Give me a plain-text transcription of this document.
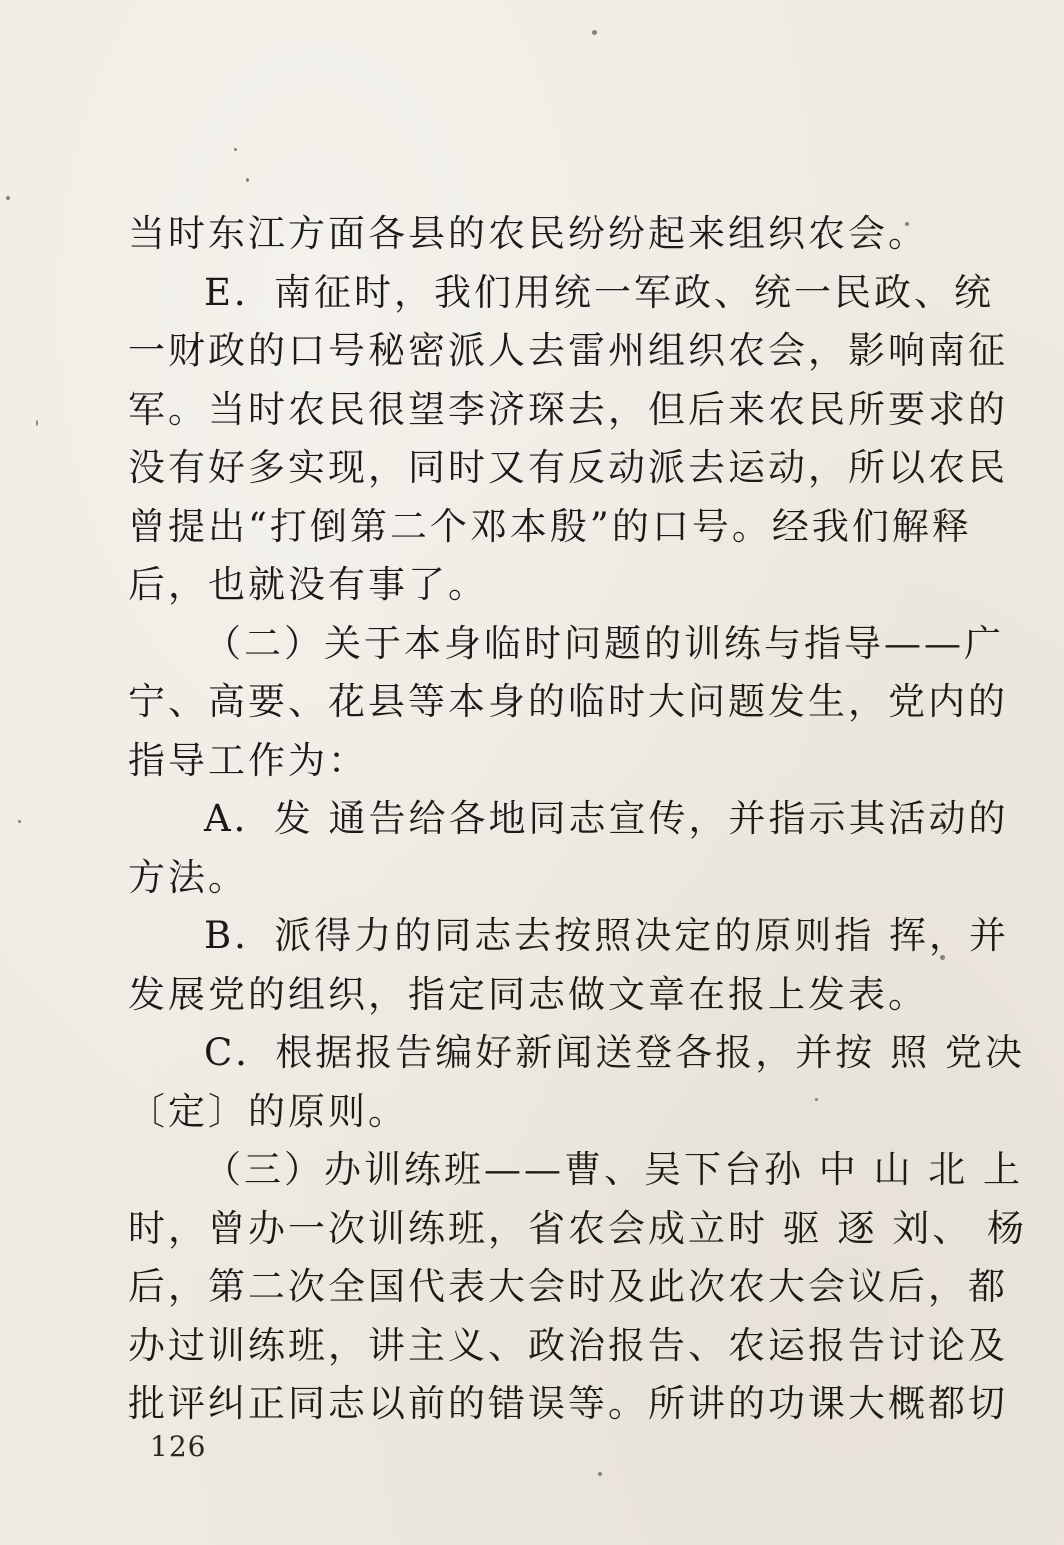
当时东江方面各县的农民纷纷起来组织农会。
E．南征时，我们用统一军政、统一民政、统
一财政的口号秘密派人去雷州组织农会，影响南征
军。当时农民很望李济琛去，但后来农民所要求的
没有好多实现，同时又有反动派去运动，所以农民
曾提出“打倒第二个邓本殷”的口号。经我们解释
后，也就没有事了。
（二）关于本身临时问题的训练与指导——广
宁、高要、花县等本身的临时大问题发生，党内的
指导工作为：
A．发 通告给各地同志宣传，并指示其活动的
方法。
B．派得力的同志去按照决定的原则指 挥，并
发展党的组织，指定同志做文章在报上发表。
C．根据报告编好新闻送登各报，并按 照 党决
〔定〕的原则。
（三）办训练班——曹、吴下台孙 中 山 北 上
时，曾办一次训练班，省农会成立时 驱 逐 刘、 杨
后，第二次全国代表大会时及此次农大会议后，都
办过训练班，讲主义、政治报告、农运报告讨论及
批评纠正同志以前的错误等。所讲的功课大概都切
126
